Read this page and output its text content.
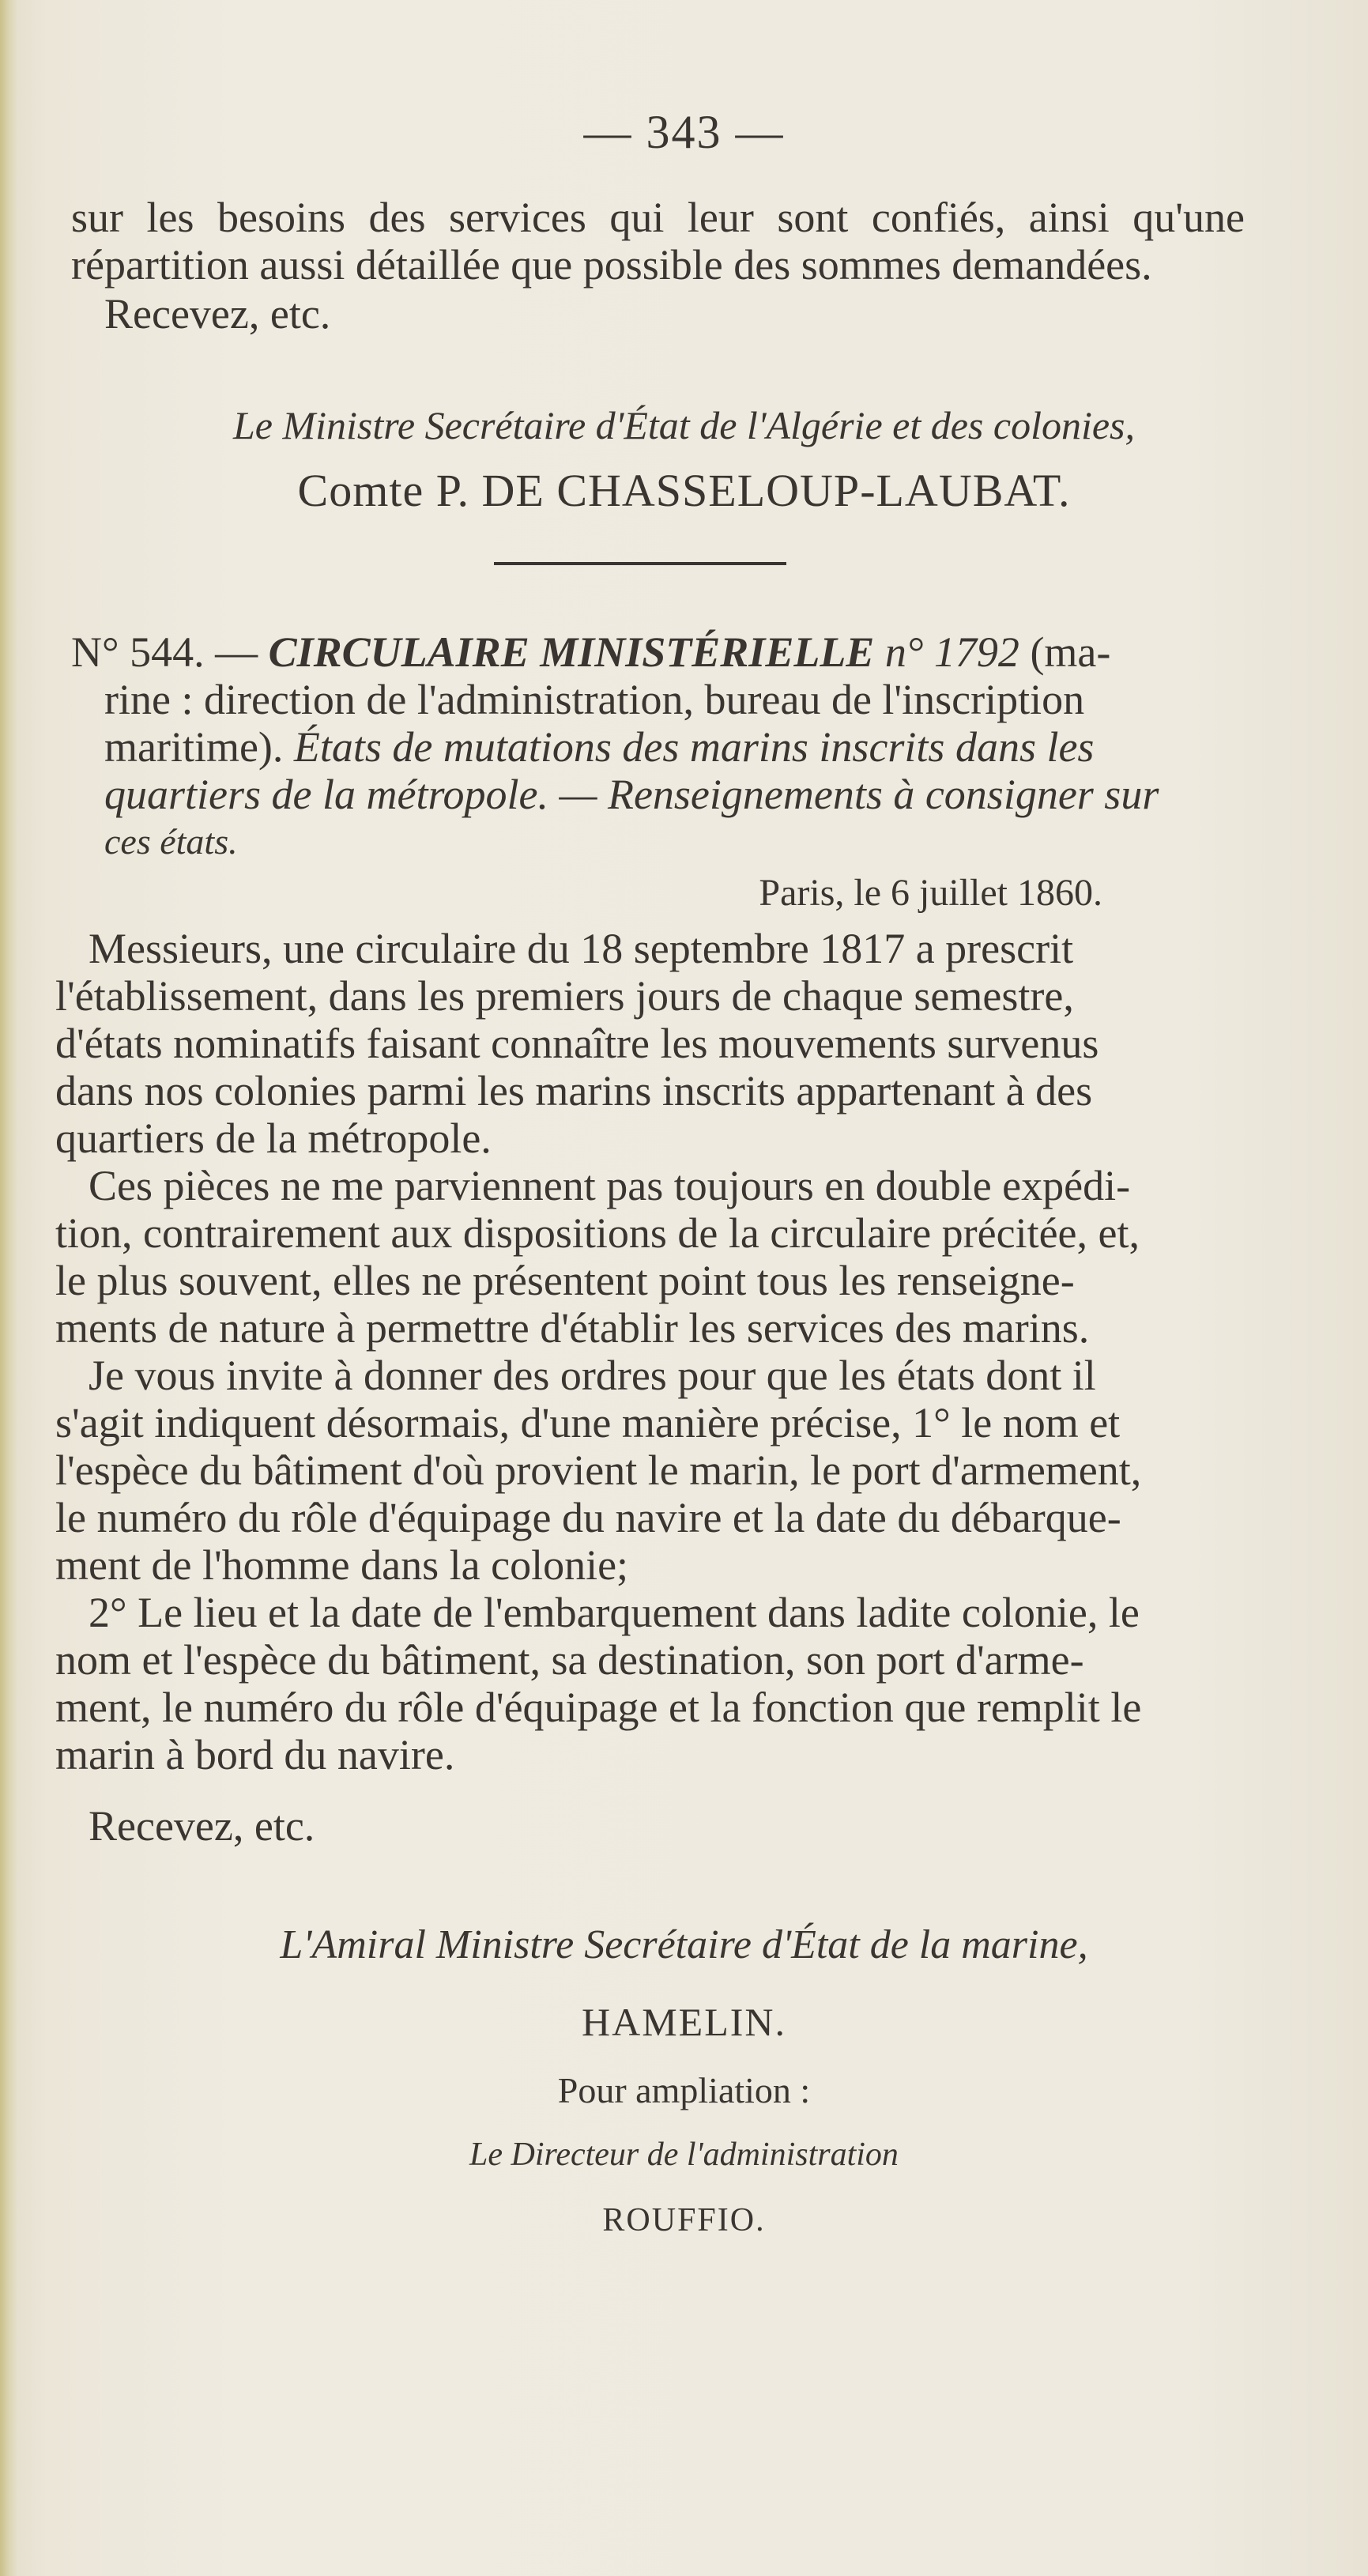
— 343 —
sur les besoins des services qui leur sont confiés, ainsi qu'une
répartition aussi détaillée que possible des sommes demandées.
Recevez, etc.
Le Ministre Secrétaire d'État de l'Algérie et des colonies,
Comte P. DE CHASSELOUP-LAUBAT.
N° 544. — CIRCULAIRE MINISTÉRIELLE n° 1792 (ma-
rine : direction de l'administration, bureau de l'inscription
maritime). États de mutations des marins inscrits dans les
quartiers de la métropole. — Renseignements à consigner sur
ces états.
Paris, le 6 juillet 1860.
Messieurs, une circulaire du 18 septembre 1817 a prescrit
l'établissement, dans les premiers jours de chaque semestre,
d'états nominatifs faisant connaître les mouvements survenus
dans nos colonies parmi les marins inscrits appartenant à des
quartiers de la métropole.
Ces pièces ne me parviennent pas toujours en double expédi-
tion, contrairement aux dispositions de la circulaire précitée, et,
le plus souvent, elles ne présentent point tous les renseigne-
ments de nature à permettre d'établir les services des marins.
Je vous invite à donner des ordres pour que les états dont il
s'agit indiquent désormais, d'une manière précise, 1° le nom et
l'espèce du bâtiment d'où provient le marin, le port d'armement,
le numéro du rôle d'équipage du navire et la date du débarque-
ment de l'homme dans la colonie;
2° Le lieu et la date de l'embarquement dans ladite colonie, le
nom et l'espèce du bâtiment, sa destination, son port d'arme-
ment, le numéro du rôle d'équipage et la fonction que remplit le
marin à bord du navire.
Recevez, etc.
L'Amiral Ministre Secrétaire d'État de la marine,
HAMELIN.
Pour ampliation :
Le Directeur de l'administration
ROUFFIO.
